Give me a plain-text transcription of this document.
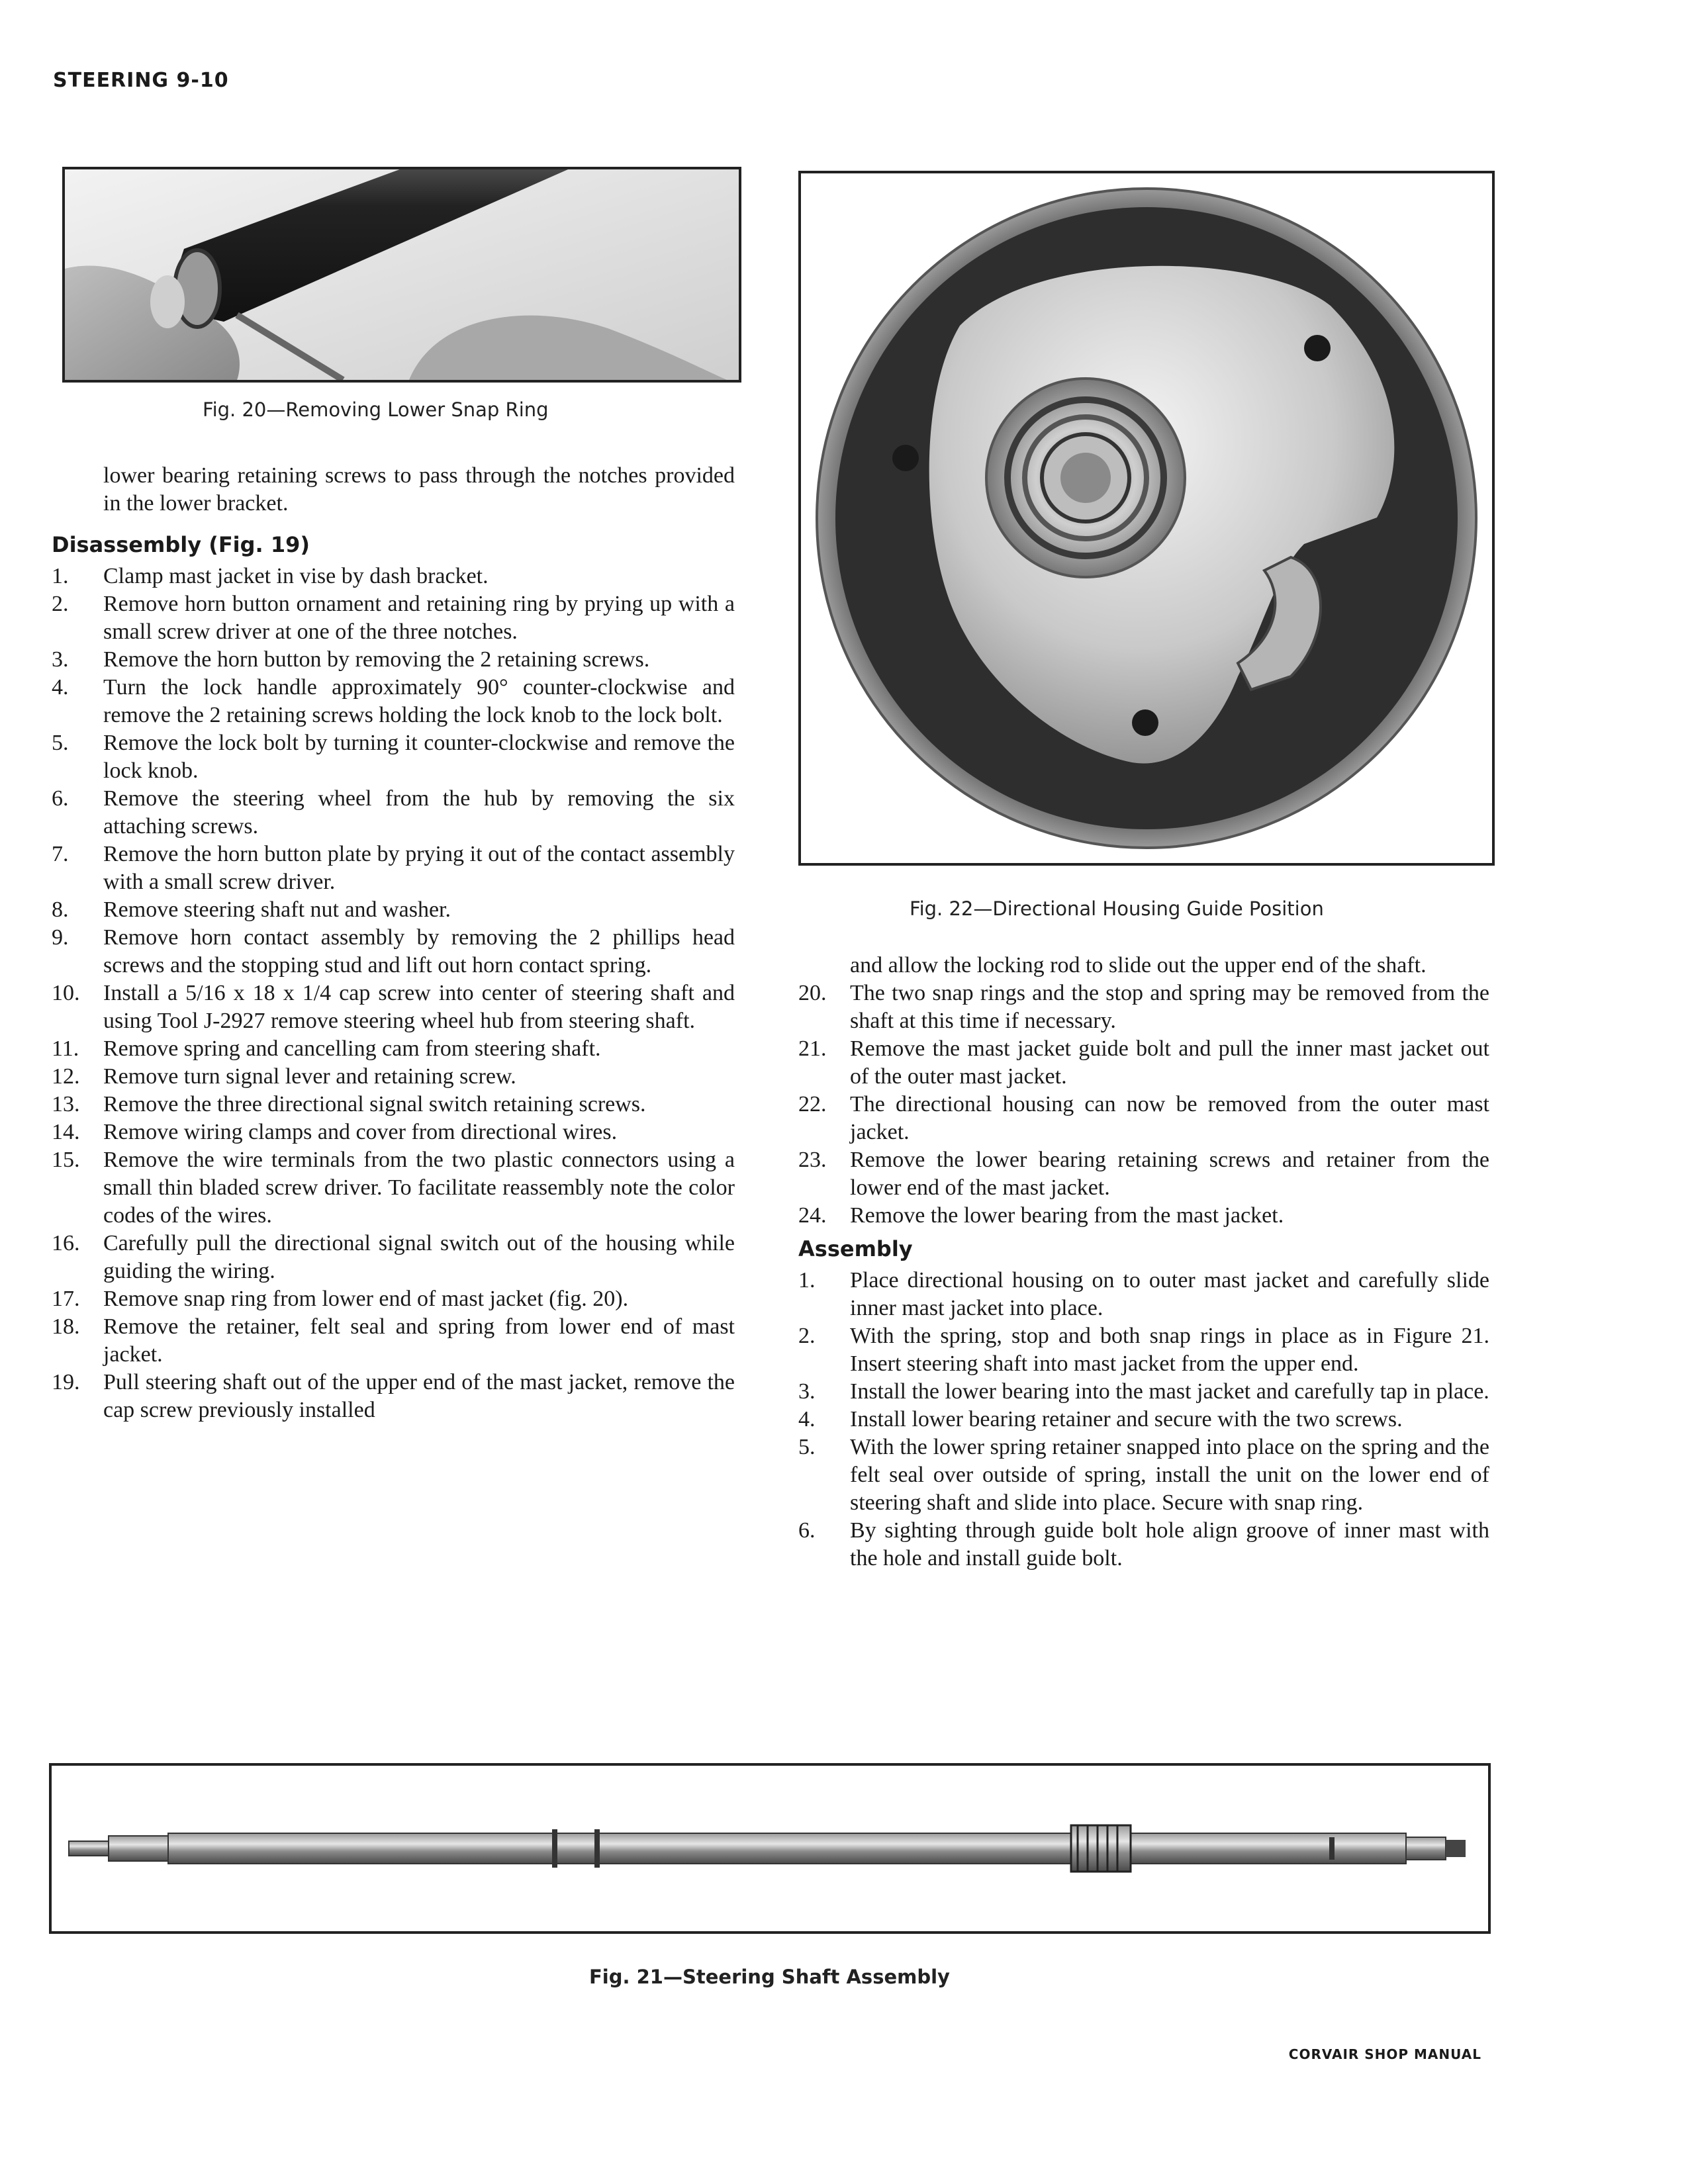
STEERING 9-10
Fig. 20—Removing Lower Snap Ring
Fig. 22—Directional Housing Guide Position

lower bearing retaining screws to pass through the notches provided in the lower bracket.

Disassembly (Fig. 19)
1.	Clamp mast jacket in vise by dash bracket.
2.	Remove horn button ornament and retaining ring by prying up with a small screw driver at one of the three notches.
3.	Remove the horn button by removing the 2 retaining screws.
4.	Turn the lock handle approximately 90° counter-clockwise and remove the 2 retaining screws holding the lock knob to the lock bolt.
5.	Remove the lock bolt by turning it counter-clockwise and remove the lock knob.
6.	Remove the steering wheel from the hub by removing the six attaching screws.
7.	Remove the horn button plate by prying it out of the contact assembly with a small screw driver.
8.	Remove steering shaft nut and washer.
9.	Remove horn contact assembly by removing the 2 phillips head screws and the stopping stud and lift out horn contact spring.
10.	Install a 5/16 x 18 x 1/4 cap screw into center of steering shaft and using Tool J-2927 remove steering wheel hub from steering shaft.
11.	Remove spring and cancelling cam from steering shaft.
12.	Remove turn signal lever and retaining screw.
13.	Remove the three directional signal switch retaining screws.
14.	Remove wiring clamps and cover from directional wires.
15.	Remove the wire terminals from the two plastic connectors using a small thin bladed screw driver. To facilitate reassembly note the color codes of the wires.
16.	Carefully pull the directional signal switch out of the housing while guiding the wiring.
17.	Remove snap ring from lower end of mast jacket (fig. 20).
18.	Remove the retainer, felt seal and spring from lower end of mast jacket.
19.	Pull steering shaft out of the upper end of the mast jacket, remove the cap screw previously installed

and allow the locking rod to slide out the upper end of the shaft.

20.	The two snap rings and the stop and spring may be removed from the shaft at this time if necessary.
21.	Remove the mast jacket guide bolt and pull the inner mast jacket out of the outer mast jacket.
22.	The directional housing can now be removed from the outer mast jacket.
23.	Remove the lower bearing retaining screws and retainer from the lower end of the mast jacket.
24.	Remove the lower bearing from the mast jacket.
Assembly
1.	Place directional housing on to outer mast jacket and carefully slide inner mast jacket into place.
2.	With the spring, stop and both snap rings in place as in Figure 21. Insert steering shaft into mast jacket from the upper end.
3.	Install the lower bearing into the mast jacket and carefully tap in place.
4.	Install lower bearing retainer and secure with the two screws.
5.	With the lower spring retainer snapped into place on the spring and the felt seal over outside of spring, install the unit on the lower end of steering shaft and slide into place. Secure with snap ring.
6.	By sighting through guide bolt hole align groove of inner mast with the hole and install guide bolt.
Fig. 21—Steering Shaft Assembly
CORVAIR SHOP MANUAL
